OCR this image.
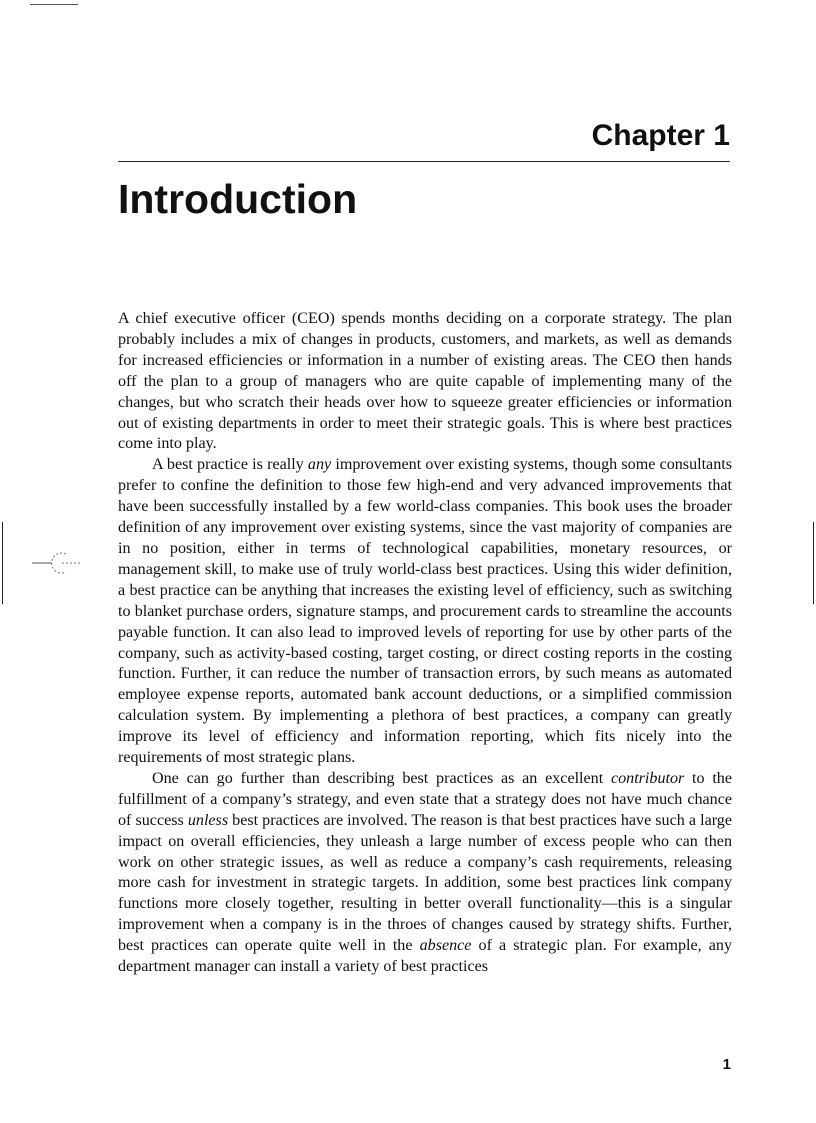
Chapter 1
Introduction

A chief executive officer (CEO) spends months deciding on a corporate strategy. The plan probably includes a mix of changes in products, customers, and markets, as well as demands for increased efficiencies or information in a number of existing areas. The CEO then hands off the plan to a group of managers who are quite capable of implementing many of the changes, but who scratch their heads over how to squeeze greater efficiencies or information out of existing departments in order to meet their strategic goals. This is where best practices come into play.

A best practice is really any improvement over existing systems, though some consultants prefer to confine the definition to those few high-end and very advanced improvements that have been successfully installed by a few world-class companies. This book uses the broader definition of any improvement over existing systems, since the vast majority of companies are in no position, either in terms of technological capabilities, monetary resources, or management skill, to make use of truly world-class best practices. Using this wider definition, a best practice can be anything that increases the existing level of efficiency, such as switching to blanket purchase orders, signature stamps, and procurement cards to streamline the accounts payable function. It can also lead to improved levels of reporting for use by other parts of the company, such as activity-based costing, target costing, or direct costing reports in the costing function. Further, it can reduce the number of transaction errors, by such means as automated employee expense reports, automated bank account deductions, or a simplified commission calculation system. By implementing a plethora of best practices, a company can greatly improve its level of efficiency and information reporting, which fits nicely into the requirements of most strategic plans.

One can go further than describing best practices as an excellent contributor to the fulfillment of a company’s strategy, and even state that a strategy does not have much chance of success unless best practices are involved. The reason is that best practices have such a large impact on overall efficiencies, they unleash a large number of excess people who can then work on other strategic issues, as well as reduce a company’s cash requirements, releasing more cash for investment in strategic targets. In addition, some best practices link company functions more closely together, resulting in better overall functionality—this is a singular improvement when a company is in the throes of changes caused by strategy shifts. Further, best practices can operate quite well in the absence of a strategic plan. For example, any department manager can install a variety of best practices

1
